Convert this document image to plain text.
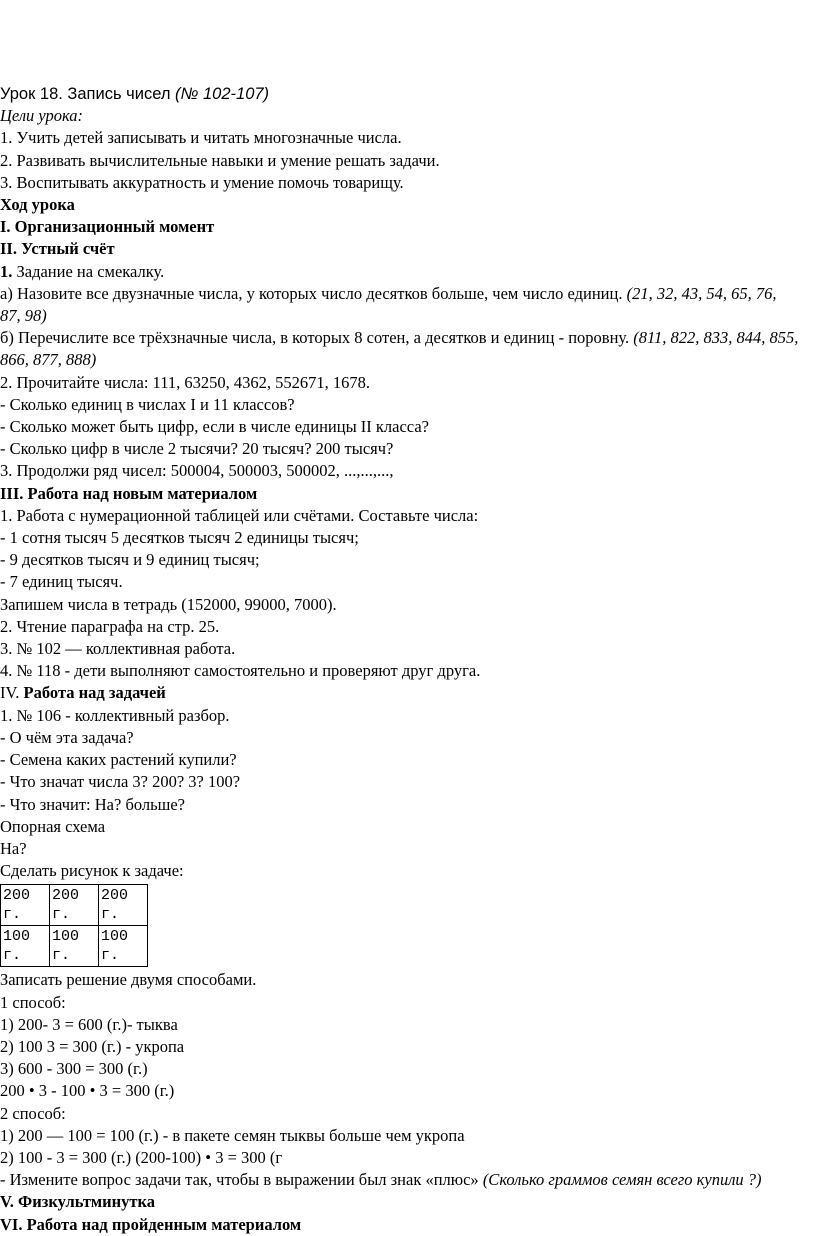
Урок 18. Запись чисел (№ 102-107)
Цели урока:
1. Учить детей записывать и читать многозначные числа.
2. Развивать вычислительные навыки и умение решать задачи.
3. Воспитывать аккуратность и умение помочь товарищу.
Ход урока
I. Организационный момент
II. Устный счёт
1. Задание на смекалку.
а) Назовите все двузначные числа, у которых число десятков больше, чем число единиц. (21, 32, 43, 54, 65, 76, 87, 98)
б) Перечислите все трёхзначные числа, в которых 8 сотен, а десятков и единиц - поровну. (811, 822, 833, 844, 855, 866, 877, 888)
2. Прочитайте числа: 111, 63250, 4362, 552671, 1678.
- Сколько единиц в числах I и 11 классов?
- Сколько может быть цифр, если в числе единицы II класса?
- Сколько цифр в числе 2 тысячи? 20 тысяч? 200 тысяч?
3. Продолжи ряд чисел: 500004, 500003, 500002, ...,...,...,
III. Работа над новым материалом
1. Работа с нумерационной таблицей или счётами. Составьте числа:
- 1 сотня тысяч 5 десятков тысяч 2 единицы тысяч;
- 9 десятков тысяч и 9 единиц тысяч;
- 7 единиц тысяч.
Запишем числа в тетрадь (152000, 99000, 7000).
2. Чтение параграфа на стр. 25.
3. № 102 — коллективная работа.
4. № 118 - дети выполняют самостоятельно и проверяют друг друга.
IV. Работа над задачей
1. № 106 - коллективный разбор.
- О чём эта задача?
- Семена каких растений купили?
- Что значат числа 3? 200? 3? 100?
- Что значит: На? больше?
Опорная схема
На?
Сделать рисунок к задаче:
200 г.	200 г.	200 г.
100 г.	100 г.	100 г.
Записать решение двумя способами.
1 способ:
1) 200- 3 = 600 (г.)- тыква
2) 100 3 = 300 (г.) - укропа
3) 600 - 300 = 300 (г.)
200 • 3 - 100 • 3 = 300 (г.)
2 способ:
1) 200 — 100 = 100 (г.) - в пакете семян тыквы больше чем укропа
2) 100 - 3 = 300 (г.) (200-100) • 3 = 300 (г
- Измените вопрос задачи так, чтобы в выражении был знак «плюс» (Сколько граммов семян всего купили ?)
V. Физкультминутка
VI. Работа над пройденным материалом
